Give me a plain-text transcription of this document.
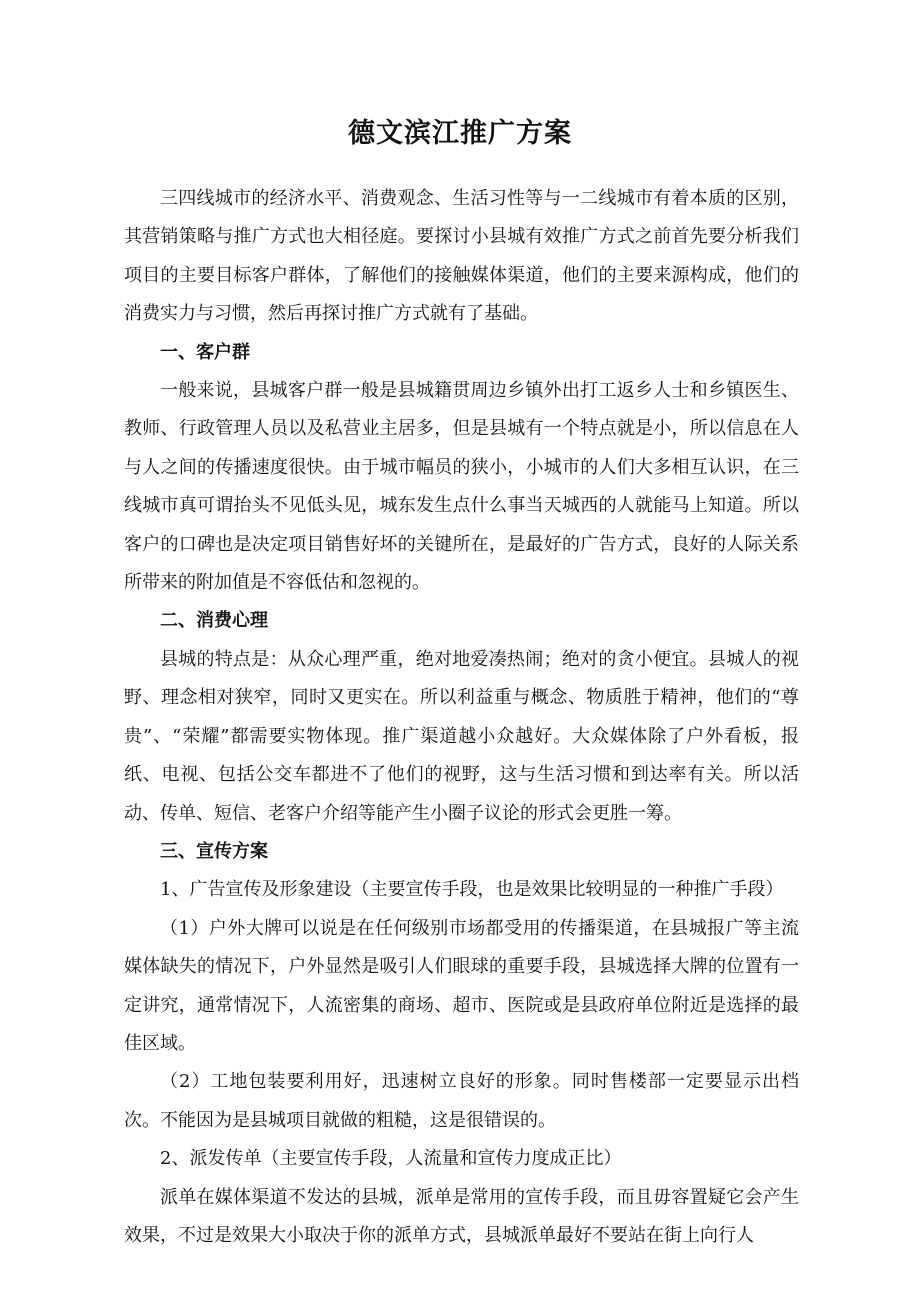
德文滨江推广方案

三四线城市的经济水平、消费观念、生活习性等与一二线城市有着本质的区别，其营销策略与推广方式也大相径庭。要探讨小县城有效推广方式之前首先要分析我们项目的主要目标客户群体，了解他们的接触媒体渠道，他们的主要来源构成，他们的消费实力与习惯，然后再探讨推广方式就有了基础。

一、客户群

一般来说，县城客户群一般是县城籍贯周边乡镇外出打工返乡人士和乡镇医生、教师、行政管理人员以及私营业主居多，但是县城有一个特点就是小，所以信息在人与人之间的传播速度很快。由于城市幅员的狭小，小城市的人们大多相互认识，在三线城市真可谓抬头不见低头见，城东发生点什么事当天城西的人就能马上知道。所以客户的口碑也是决定项目销售好坏的关键所在，是最好的广告方式，良好的人际关系所带来的附加值是不容低估和忽视的。

二、消费心理

县城的特点是：从众心理严重，绝对地爱凑热闹；绝对的贪小便宜。县城人的视野、理念相对狭窄，同时又更实在。所以利益重与概念、物质胜于精神，他们的“尊贵”、“荣耀”都需要实物体现。推广渠道越小众越好。大众媒体除了户外看板，报纸、电视、包括公交车都进不了他们的视野，这与生活习惯和到达率有关。所以活动、传单、短信、老客户介绍等能产生小圈子议论的形式会更胜一筹。

三、宣传方案

1、广告宣传及形象建设（主要宣传手段，也是效果比较明显的一种推广手段）

（1）户外大牌可以说是在任何级别市场都受用的传播渠道，在县城报广等主流媒体缺失的情况下，户外显然是吸引人们眼球的重要手段，县城选择大牌的位置有一定讲究，通常情况下，人流密集的商场、超市、医院或是县政府单位附近是选择的最佳区域。

（2）工地包装要利用好，迅速树立良好的形象。同时售楼部一定要显示出档次。不能因为是县城项目就做的粗糙，这是很错误的。

2、派发传单（主要宣传手段，人流量和宣传力度成正比）

派单在媒体渠道不发达的县城，派单是常用的宣传手段，而且毋容置疑它会产生效果，不过是效果大小取决于你的派单方式，县城派单最好不要站在街上向行人
